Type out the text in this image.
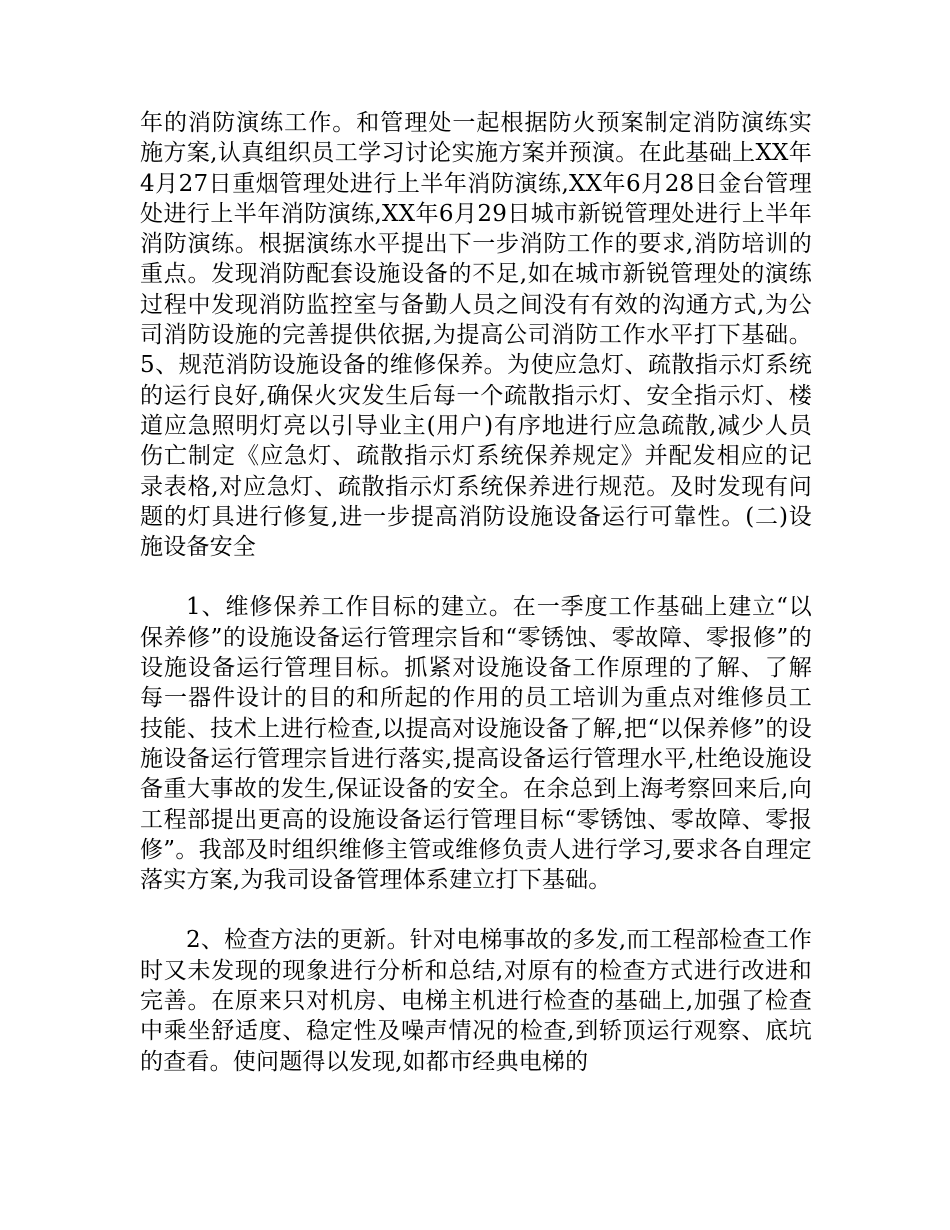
年的消防演练工作。和管理处一起根据防火预案制定消防演练实施方案,认真组织员工学习讨论实施方案并预演。在此基础上XX年4月27日重烟管理处进行上半年消防演练,XX年6月28日金台管理处进行上半年消防演练,XX年6月29日城市新锐管理处进行上半年消防演练。根据演练水平提出下一步消防工作的要求,消防培训的重点。发现消防配套设施设备的不足,如在城市新锐管理处的演练过程中发现消防监控室与备勤人员之间没有有效的沟通方式,为公司消防设施的完善提供依据,为提高公司消防工作水平打下基础。5、规范消防设施设备的维修保养。为使应急灯、疏散指示灯系统的运行良好,确保火灾发生后每一个疏散指示灯、安全指示灯、楼道应急照明灯亮以引导业主(用户)有序地进行应急疏散,减少人员伤亡制定《应急灯、疏散指示灯系统保养规定》并配发相应的记录表格,对应急灯、疏散指示灯系统保养进行规范。及时发现有问题的灯具进行修复,进一步提高消防设施设备运行可靠性。(二)设施设备安全

1、维修保养工作目标的建立。在一季度工作基础上建立“以保养修”的设施设备运行管理宗旨和“零锈蚀、零故障、零报修”的设施设备运行管理目标。抓紧对设施设备工作原理的了解、了解每一器件设计的目的和所起的作用的员工培训为重点对维修员工技能、技术上进行检查,以提高对设施设备了解,把“以保养修”的设施设备运行管理宗旨进行落实,提高设备运行管理水平,杜绝设施设备重大事故的发生,保证设备的安全。在余总到上海考察回来后,向工程部提出更高的设施设备运行管理目标“零锈蚀、零故障、零报修”。我部及时组织维修主管或维修负责人进行学习,要求各自理定落实方案,为我司设备管理体系建立打下基础。

2、检查方法的更新。针对电梯事故的多发,而工程部检查工作时又未发现的现象进行分析和总结,对原有的检查方式进行改进和完善。在原来只对机房、电梯主机进行检查的基础上,加强了检查中乘坐舒适度、稳定性及噪声情况的检查,到轿顶运行观察、底坑的查看。使问题得以发现,如都市经典电梯的
